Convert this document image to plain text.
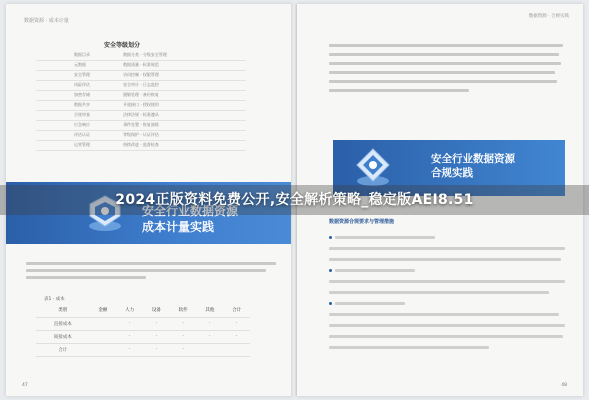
数据资源 · 成本计量
安全等级划分
	数据目录	数据分类 · 分级安全管理
	元数据	数据质量 · 标准规范
	安全管理	访问控制 · 权限管理
	风险评估	安全审计 · 日志监控
	加密存储	脱敏处理 · 备份恢复
	数据共享	开放接口 · 授权使用
	合规审查	法律法规 · 标准遵从
	应急响应	事件处置 · 恢复演练
	评估认证	等级保护 · 认证评估
	运营管理	持续改进 · 监督检查
安全行业数据资源
成本计量实践
表1 · 成本
类别	金额	人力	设备	软件	其他	合计
直接成本		·	·	·	·	·
间接成本		·	·	·	·	·
合计		·	·	·		
47
数据资源 · 合规实践
安全行业数据资源
合规实践
数据资源合规要求与管理措施
48
2024正版资料免费公开,安全解析策略_稳定版AEI8.51
